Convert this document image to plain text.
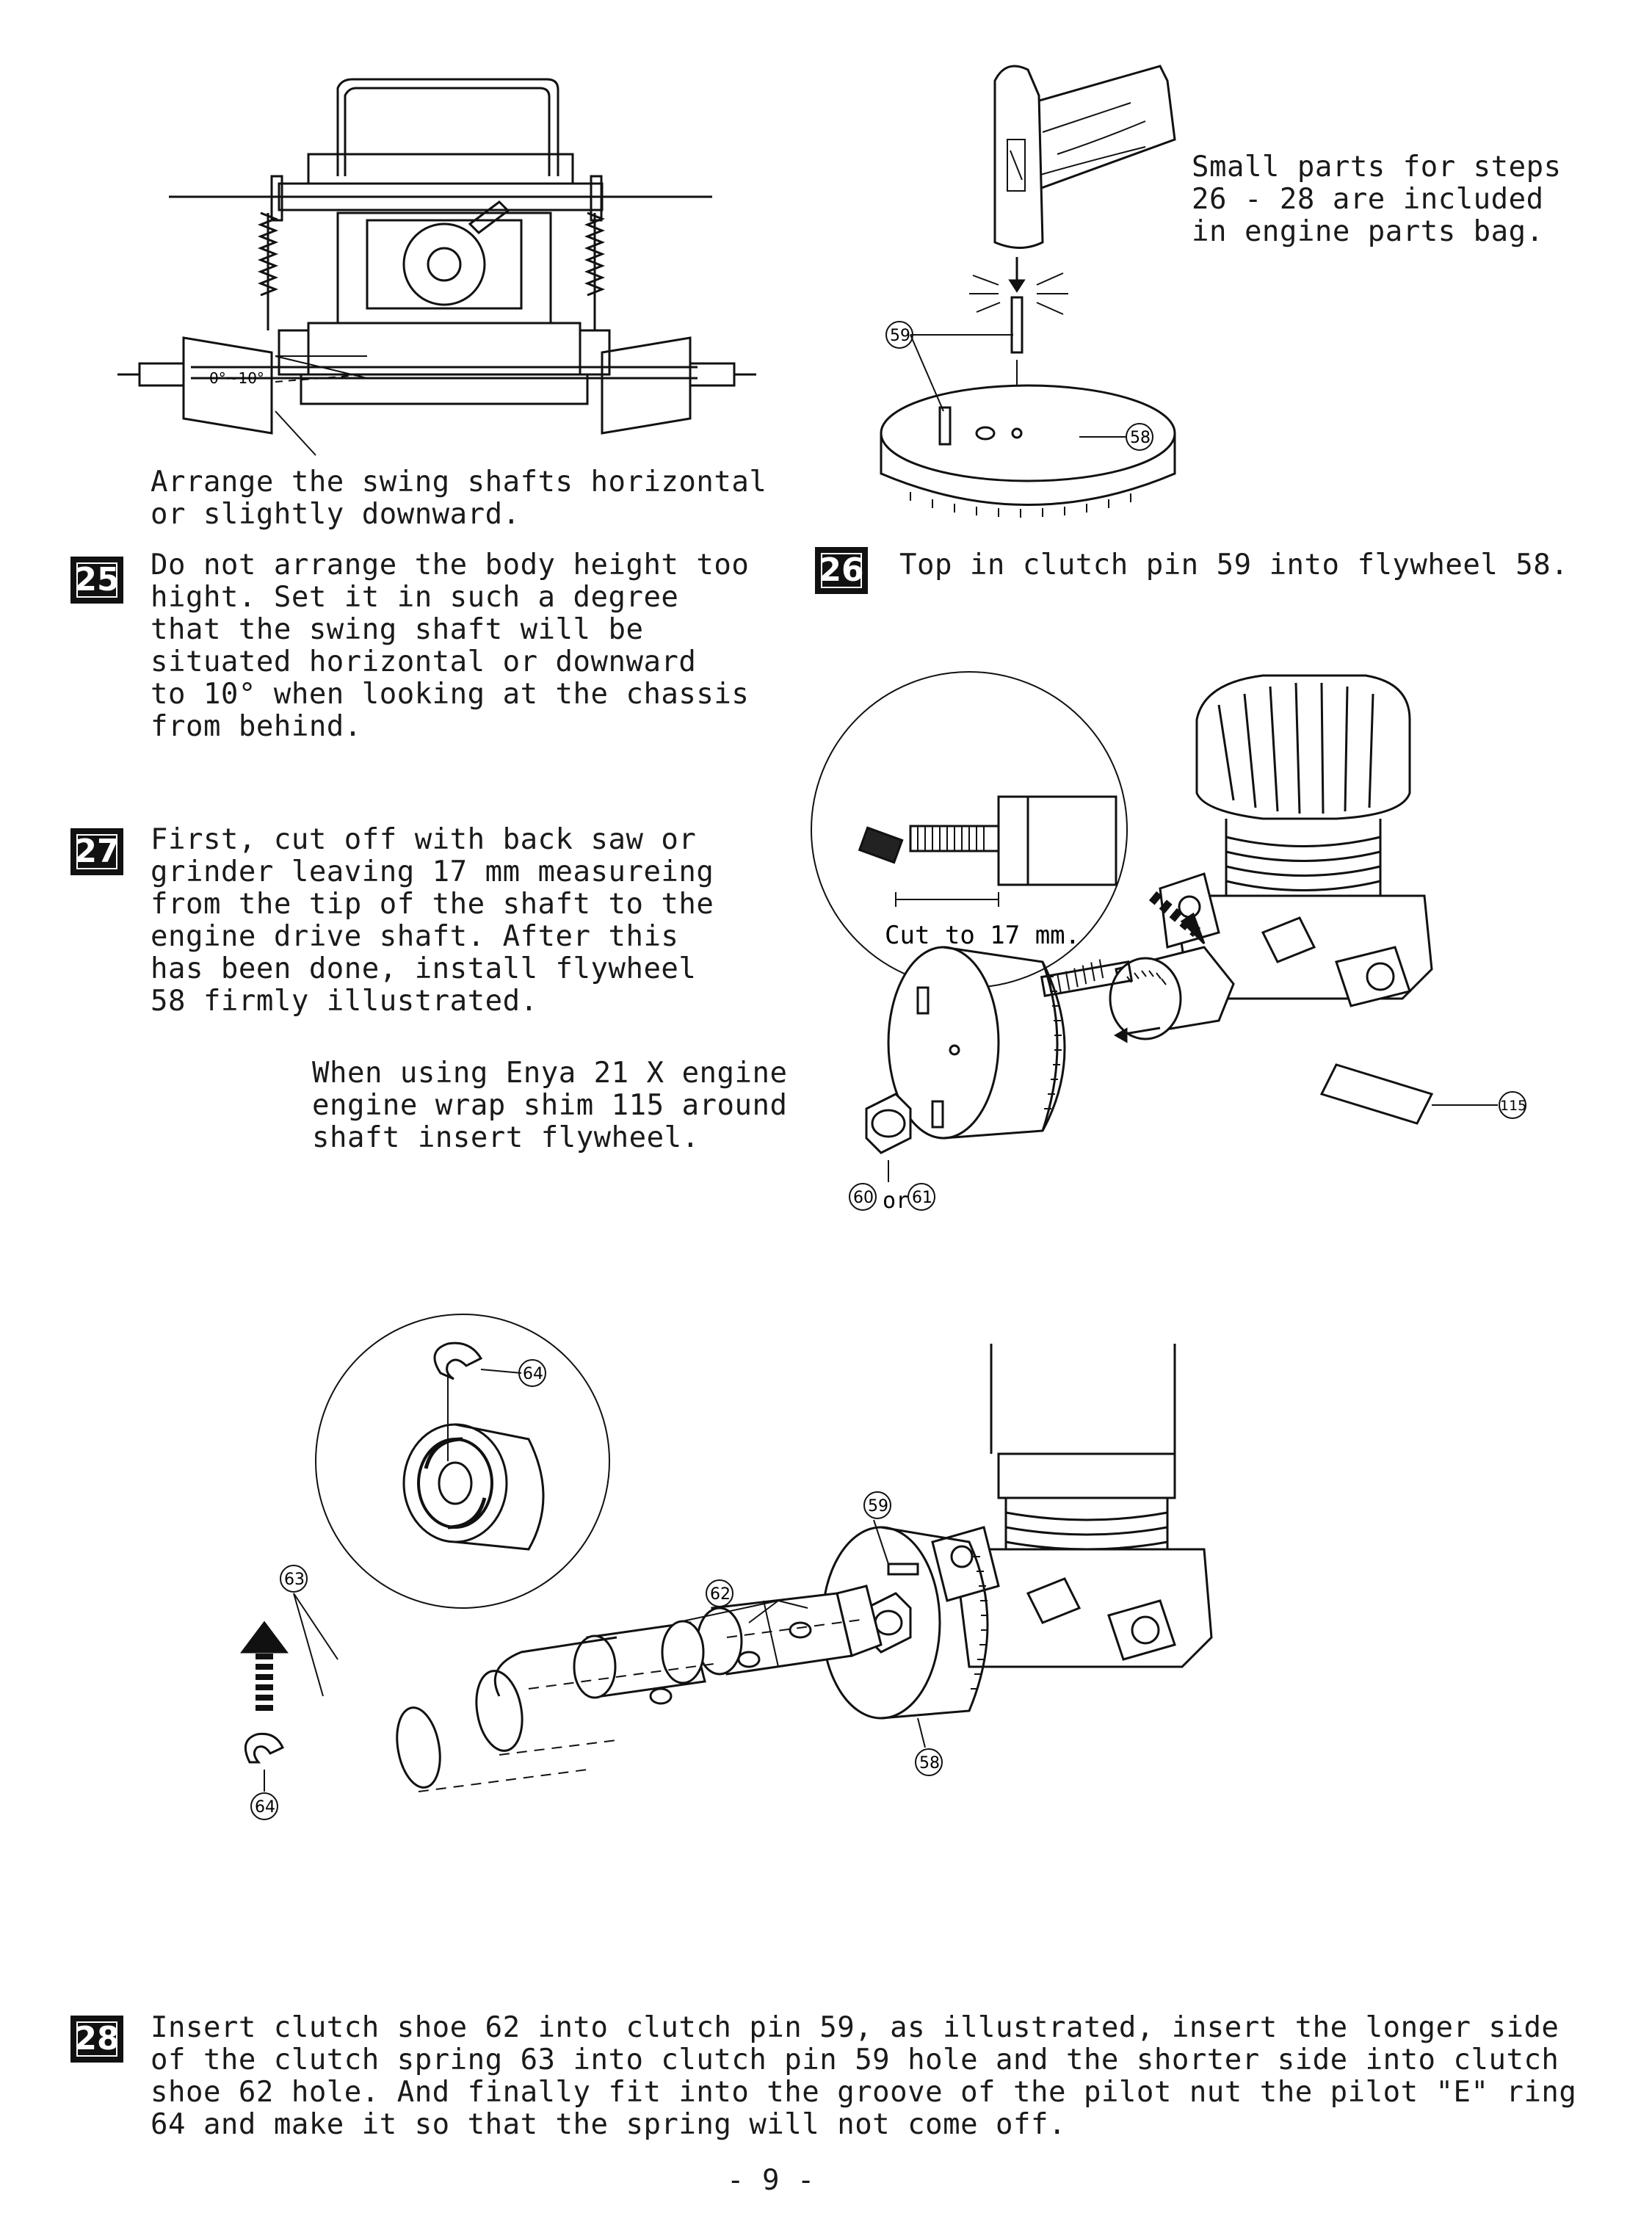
0°~10°
Arrange the swing shafts horizontal
or slightly downward.
25 Do not arrange the body height too
hight. Set it in such a degree
that the swing shaft will be
situated horizontal or downward
to 10° when looking at the chassis
from behind.
59
58
Small parts for steps
26 - 28 are included
in engine parts bag.
26 Top in clutch pin 59 into flywheel 58.
Cut to 17 mm.
115
60 or 61
27 First, cut off with back saw or
grinder leaving 17 mm measureing
from the tip of the shaft to the
engine drive shaft. After this
has been done, install flywheel
58 firmly illustrated.
When using Enya 21 X engine
engine wrap shim 115 around
shaft insert flywheel.
64
59
62
63
58
64
28 Insert clutch shoe 62 into clutch pin 59, as illustrated, insert the longer side
of the clutch spring 63 into clutch pin 59 hole and the shorter side into clutch
shoe 62 hole. And finally fit into the groove of the pilot nut the pilot "E" ring
64 and make it so that the spring will not come off.
- 9 -
